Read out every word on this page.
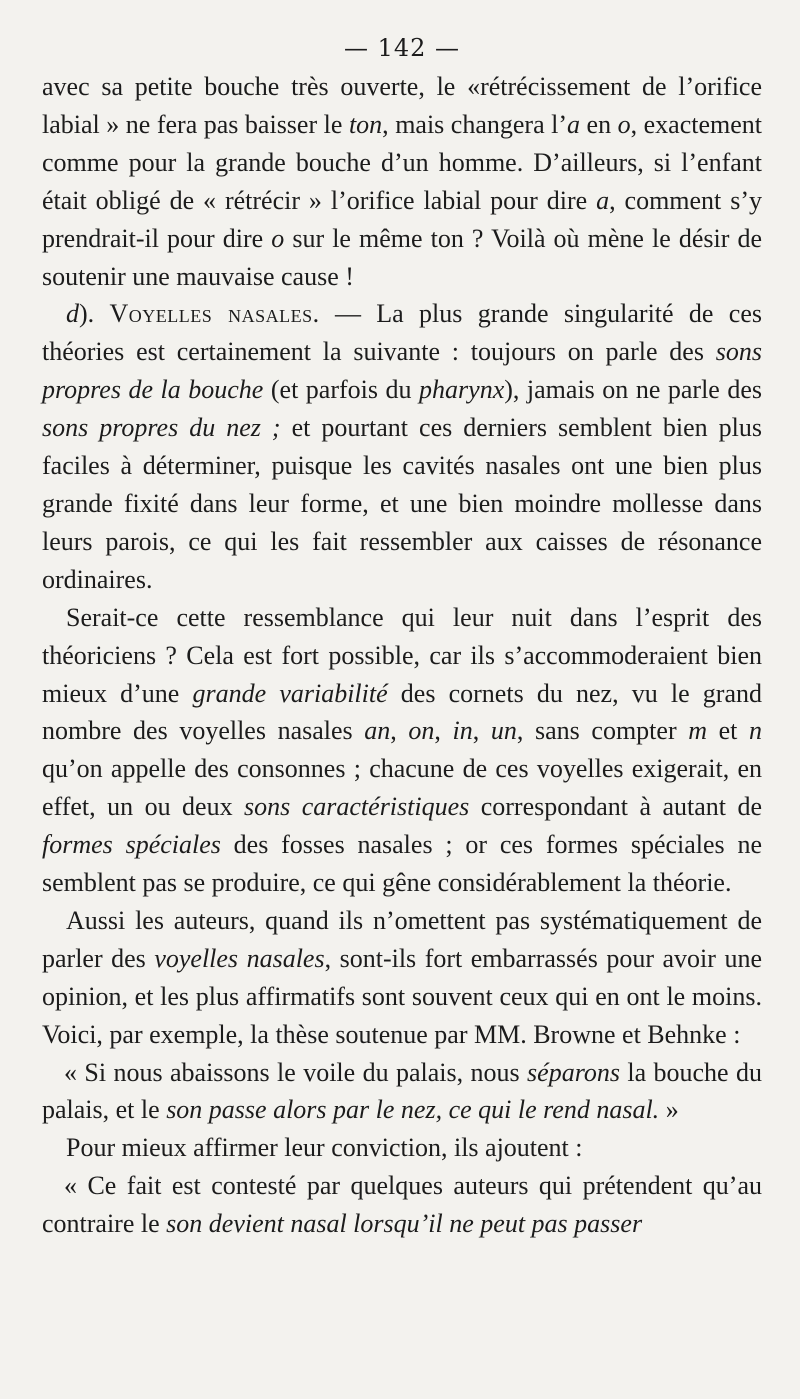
— 142 —

avec sa petite bouche très ouverte, le «rétrécissement de l’orifice labial » ne fera pas baisser le ton, mais changera l’a en o, exactement comme pour la grande bouche d’un homme. D’ailleurs, si l’enfant était obligé de « rétrécir » l’orifice labial pour dire a, comment s’y prendrait-il pour dire o sur le même ton ? Voilà où mène le désir de soutenir une mauvaise cause !

d). Voyelles nasales. — La plus grande singularité de ces théories est certainement la suivante : toujours on parle des sons propres de la bouche (et parfois du pharynx), jamais on ne parle des sons propres du nez ; et pourtant ces derniers semblent bien plus faciles à déterminer, puisque les cavités nasales ont une bien plus grande fixité dans leur forme, et une bien moindre mollesse dans leurs parois, ce qui les fait ressembler aux caisses de résonance ordinaires.

Serait-ce cette ressemblance qui leur nuit dans l’esprit des théoriciens ? Cela est fort possible, car ils s’accommoderaient bien mieux d’une grande variabilité des cornets du nez, vu le grand nombre des voyelles nasales an, on, in, un, sans compter m et n qu’on appelle des consonnes ; chacune de ces voyelles exigerait, en effet, un ou deux sons caractéristiques correspondant à autant de formes spéciales des fosses nasales ; or ces formes spéciales ne semblent pas se produire, ce qui gêne considérablement la théorie.

Aussi les auteurs, quand ils n’omettent pas systématiquement de parler des voyelles nasales, sont-ils fort embarrassés pour avoir une opinion, et les plus affirmatifs sont souvent ceux qui en ont le moins. Voici, par exemple, la thèse soutenue par MM. Browne et Behnke :

« Si nous abaissons le voile du palais, nous séparons la bouche du palais, et le son passe alors par le nez, ce qui le rend nasal. »

Pour mieux affirmer leur conviction, ils ajoutent :

« Ce fait est contesté par quelques auteurs qui prétendent qu’au contraire le son devient nasal lorsqu’il ne peut pas passer
